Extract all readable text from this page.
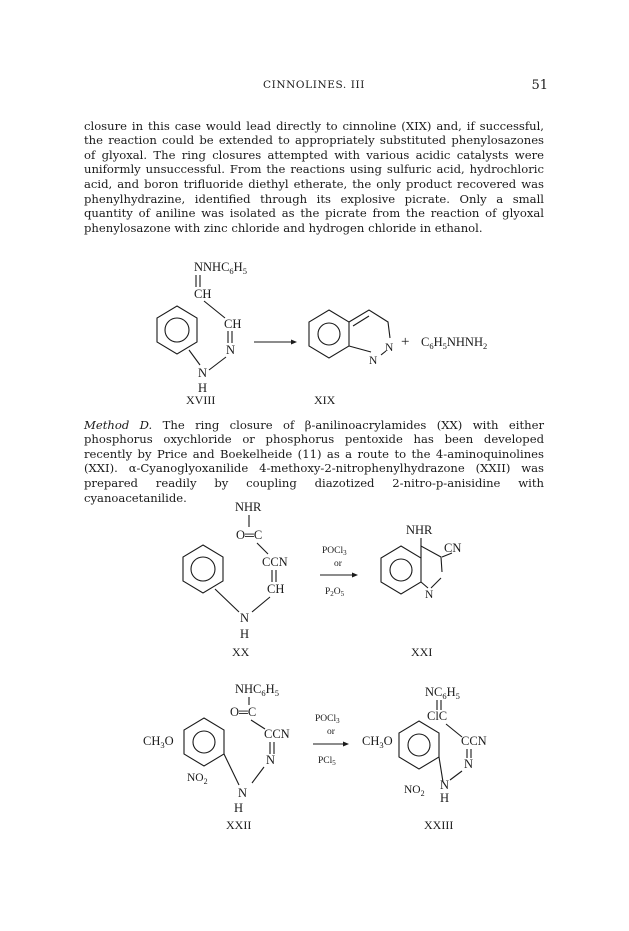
CINNOLINES. III	51

closure in this case would lead directly to cinnoline (XIX) and, if successful, the reaction could be extended to appropriately substituted phenylosazones of glyoxal. The ring closures attempted with various acidic catalysts were uniformly unsuccessful. From the reactions using sulfuric acid, hydrochloric acid, and boron trifluoride diethyl etherate, the only product recovered was phenylhydrazine, identified through its explosive picrate. Only a small quantity of aniline was isolated as the picrate from the reaction of glyoxal phenylosazone with zinc chloride and hydrogen chloride in ethanol.

Method D. The ring closure of β-anilinoacrylamides (XX) with either phosphorus oxychloride or phosphorus pentoxide has been developed recently by Price and Boekelheide (11) as a route to the 4-aminoquinolines (XXI). α-Cyanoglyoxanilide 4-methoxy-2-nitrophenylhydrazone (XXII) was prepared readily by coupling diazotized 2-nitro-p-anisidine with cyanoacetanilide.

$NNHC_6H_5$
CH
CH
N
N
H
N
N
+ $C_6H_5NHNH_2$
XVIII	XIX
NHR
O═C
CCN
CH
N
H
POCl$_3$
or
$P_2O_5$
NHR
CN
N
XX	XXI
$NHC_6H_5$
O═C
CCN
N
$CH_3O$
$NO_2$
N
H
POCl$_3$
or
PCl$_5$
$NC_6H_5$
ClC
CCN
N
$CH_3O$
$NO_2$
N
H
XXII	XXIII
